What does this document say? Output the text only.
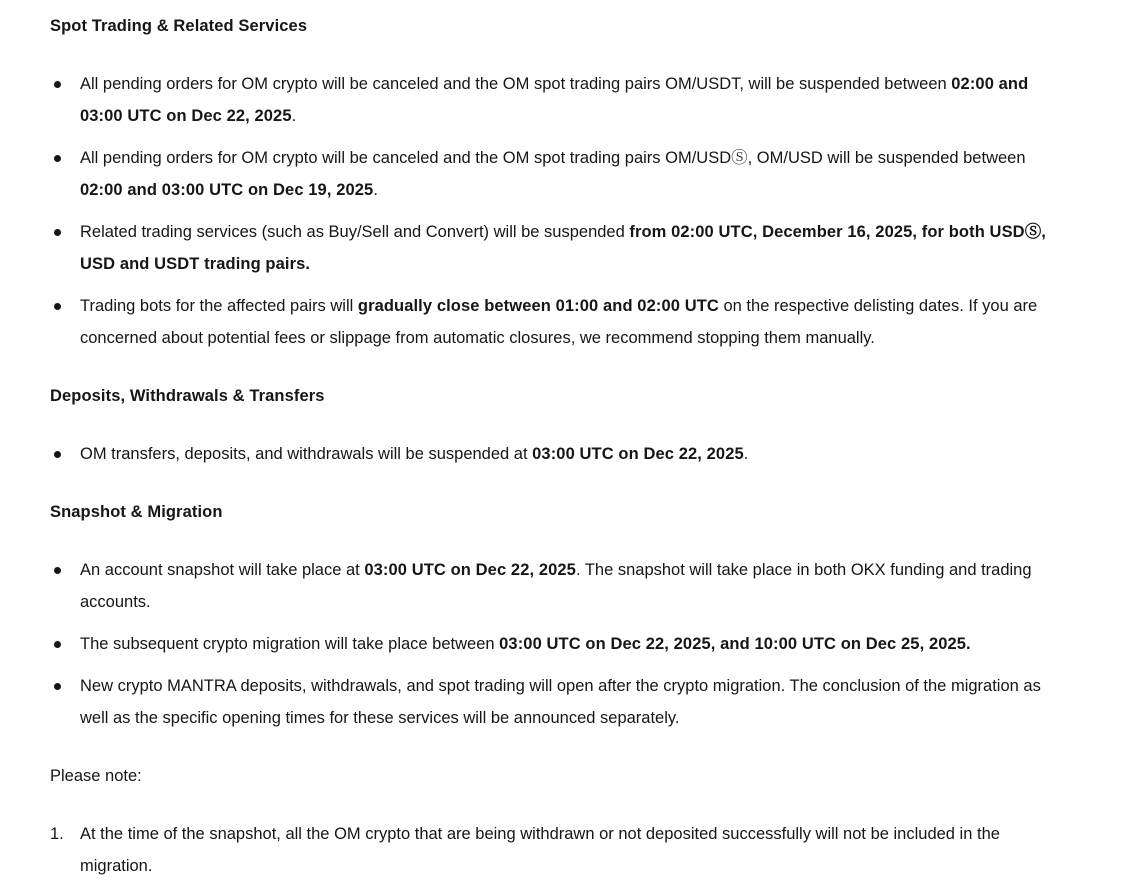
Spot Trading & Related Services
All pending orders for OM crypto will be canceled and the OM spot trading pairs OM/USDT, will be suspended between 02:00 and 03:00 UTC on Dec 22, 2025.
All pending orders for OM crypto will be canceled and the OM spot trading pairs OM/USDⓈ, OM/USD will be suspended between 02:00 and 03:00 UTC on Dec 19, 2025.
Related trading services (such as Buy/Sell and Convert) will be suspended from 02:00 UTC, December 16, 2025, for both USDⓈ, USD and USDT trading pairs.
Trading bots for the affected pairs will gradually close between 01:00 and 02:00 UTC on the respective delisting dates. If you are concerned about potential fees or slippage from automatic closures, we recommend stopping them manually.
Deposits, Withdrawals & Transfers
OM transfers, deposits, and withdrawals will be suspended at 03:00 UTC on Dec 22, 2025.
Snapshot & Migration
An account snapshot will take place at 03:00 UTC on Dec 22, 2025. The snapshot will take place in both OKX funding and trading accounts.
The subsequent crypto migration will take place between 03:00 UTC on Dec 22, 2025, and 10:00 UTC on Dec 25, 2025.
New crypto MANTRA deposits, withdrawals, and spot trading will open after the crypto migration. The conclusion of the migration as well as the specific opening times for these services will be announced separately.

Please note:

1. At the time of the snapshot, all the OM crypto that are being withdrawn or not deposited successfully will not be included in the migration.
